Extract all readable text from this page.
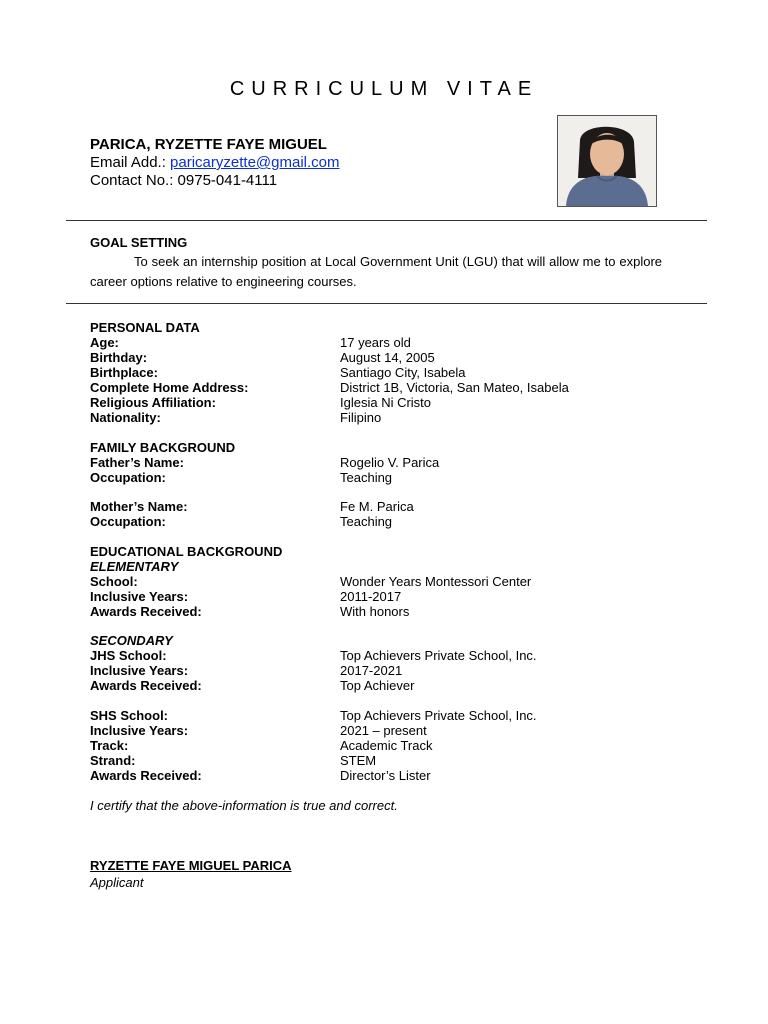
CURRICULUM VITAE
PARICA, RYZETTE FAYE MIGUEL
Email Add.: paricaryzette@gmail.com
Contact No.: 0975-041-4111
GOAL SETTING
To seek an internship position at Local Government Unit (LGU) that will allow me to explore career options relative to engineering courses.
PERSONAL DATA
Age:	17 years old
Birthday:	August 14, 2005
Birthplace:	Santiago City, Isabela
Complete Home Address:	District 1B, Victoria, San Mateo, Isabela
Religious Affiliation:	Iglesia Ni Cristo
Nationality:	Filipino
FAMILY BACKGROUND
Father’s Name:	Rogelio V. Parica
Occupation:	Teaching
Mother’s Name:	Fe M. Parica
Occupation:	Teaching
EDUCATIONAL BACKGROUND
ELEMENTARY
School:	Wonder Years Montessori Center
Inclusive Years:	2011-2017
Awards Received:	With honors
SECONDARY
JHS School:	Top Achievers Private School, Inc.
Inclusive Years:	2017-2021
Awards Received:	Top Achiever
SHS School:	Top Achievers Private School, Inc.
Inclusive Years:	2021 – present
Track:	Academic Track
Strand:	STEM
Awards Received:	Director’s Lister
I certify that the above-information is true and correct.
RYZETTE FAYE MIGUEL PARICA
Applicant
